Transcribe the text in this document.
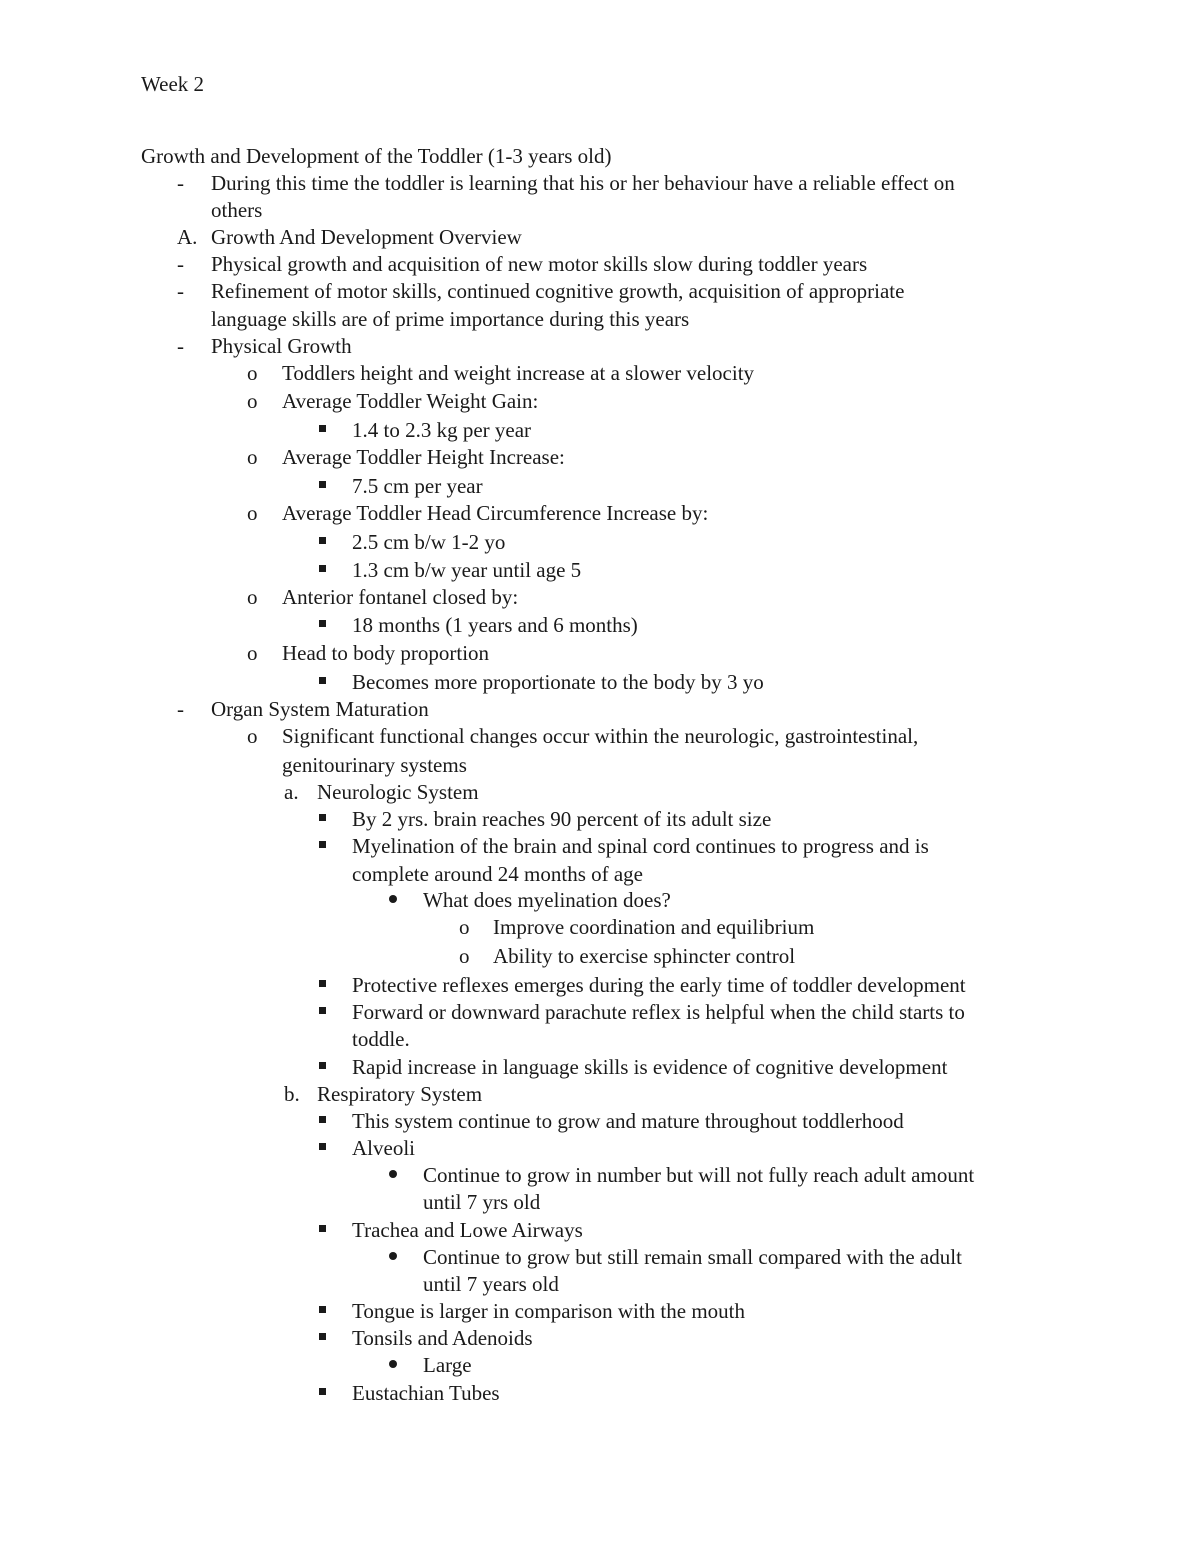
Week 2
Growth and Development of the Toddler (1-3 years old)
- During this time the toddler is learning that his or her behaviour have a reliable effect on
others
A. Growth And Development Overview
- Physical growth and acquisition of new motor skills slow during toddler years
- Refinement of motor skills, continued cognitive growth, acquisition of appropriate
language skills are of prime importance during this years
- Physical Growth
o Toddlers height and weight increase at a slower velocity
o Average Toddler Weight Gain:
1.4 to 2.3 kg per year
o Average Toddler Height Increase:
7.5 cm per year
o Average Toddler Head Circumference Increase by:
2.5 cm b/w 1-2 yo
1.3 cm b/w year until age 5
o Anterior fontanel closed by:
18 months (1 years and 6 months)
o Head to body proportion
Becomes more proportionate to the body by 3 yo
- Organ System Maturation
o Significant functional changes occur within the neurologic, gastrointestinal,
genitourinary systems
a. Neurologic System
By 2 yrs. brain reaches 90 percent of its adult size
Myelination of the brain and spinal cord continues to progress and is
complete around 24 months of age
What does myelination does?
o Improve coordination and equilibrium
o Ability to exercise sphincter control
Protective reflexes emerges during the early time of toddler development
Forward or downward parachute reflex is helpful when the child starts to
toddle.
Rapid increase in language skills is evidence of cognitive development
b. Respiratory System
This system continue to grow and mature throughout toddlerhood
Alveoli
Continue to grow in number but will not fully reach adult amount
until 7 yrs old
Trachea and Lowe Airways
Continue to grow but still remain small compared with the adult
until 7 years old
Tongue is larger in comparison with the mouth
Tonsils and Adenoids
Large
Eustachian Tubes
